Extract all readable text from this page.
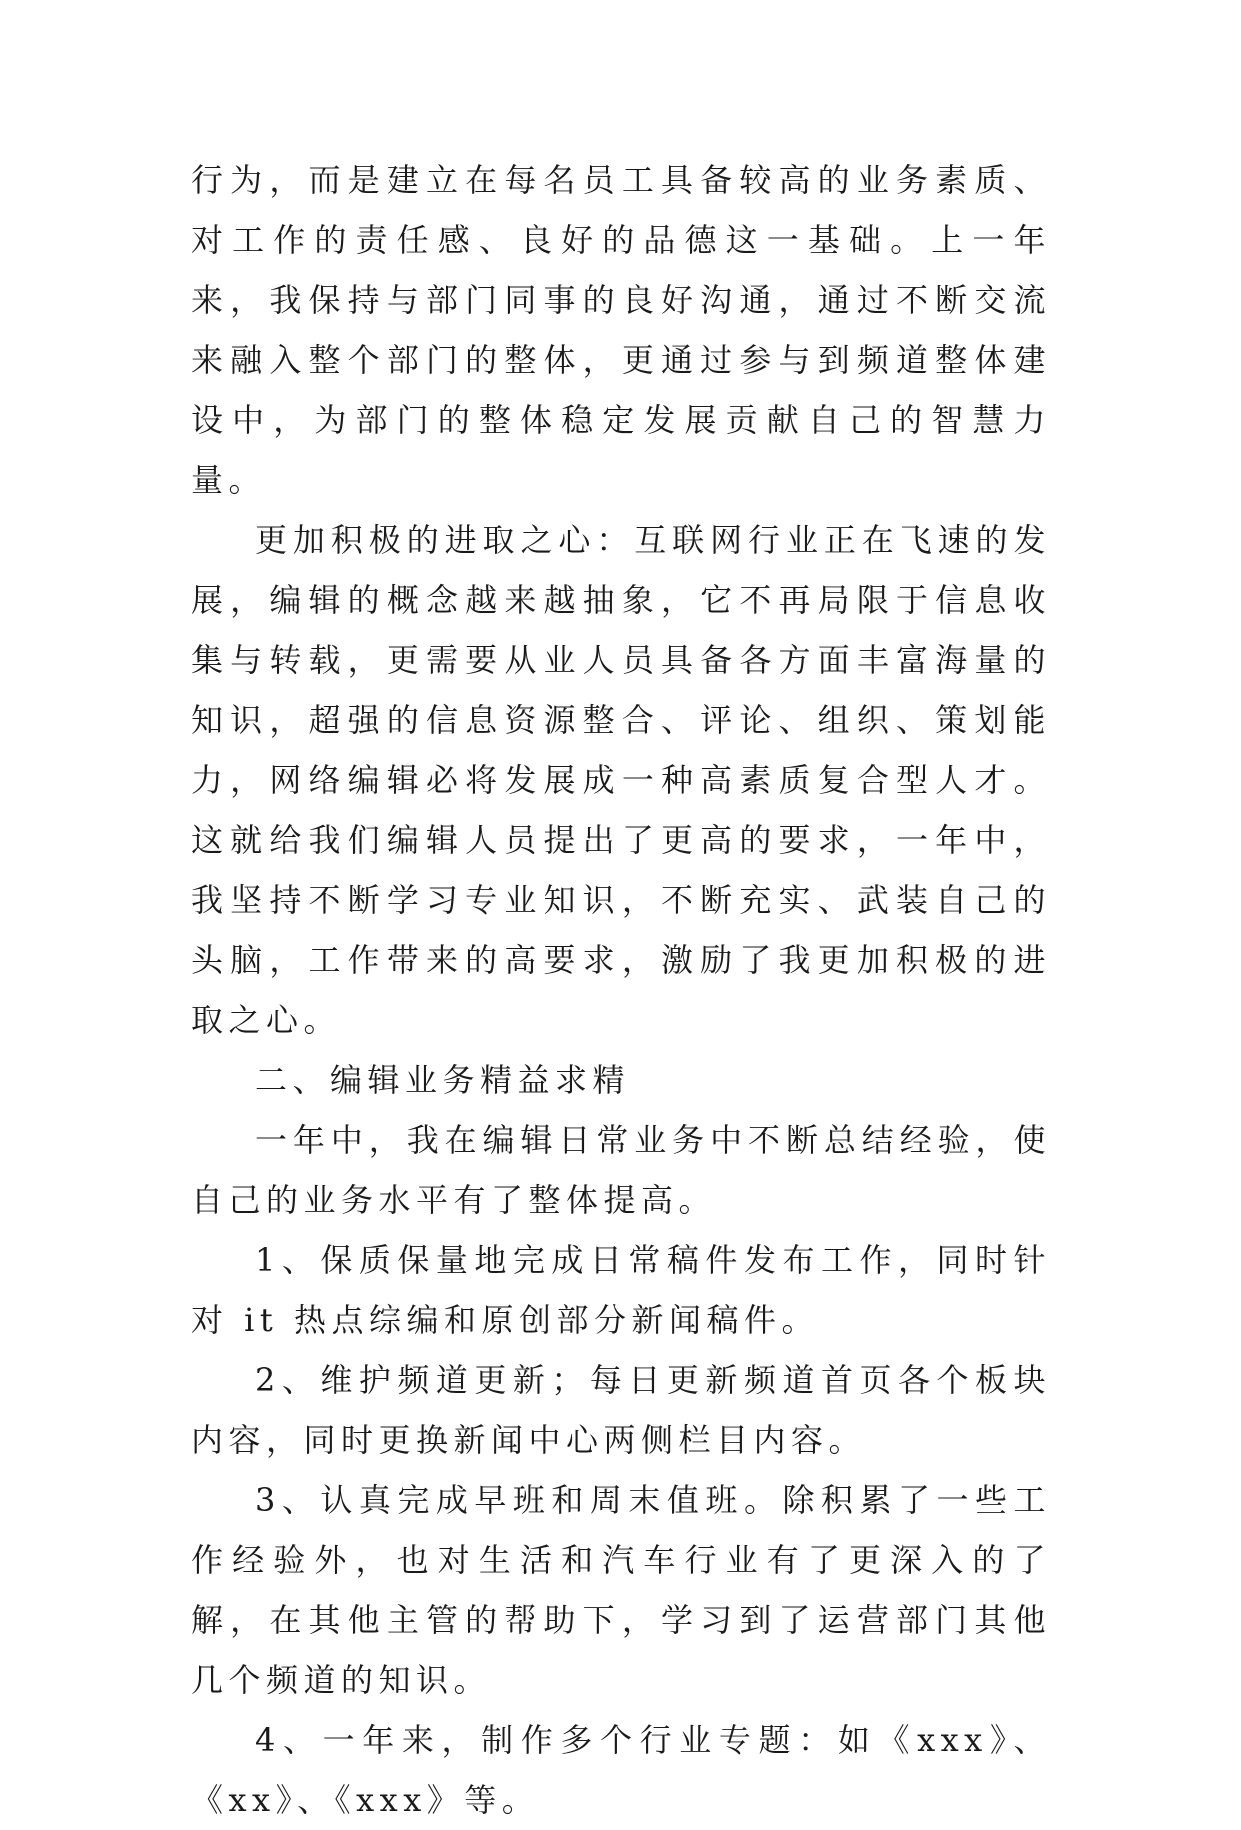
行为，而是建立在每名员工具备较高的业务素质、对工作的责任感、良好的品德这一基础。上一年来，我保持与部门同事的良好沟通，通过不断交流来融入整个部门的整体，更通过参与到频道整体建设中，为部门的整体稳定发展贡献自己的智慧力量。

更加积极的进取之心：互联网行业正在飞速的发展，编辑的概念越来越抽象，它不再局限于信息收集与转载，更需要从业人员具备各方面丰富海量的知识，超强的信息资源整合、评论、组织、策划能力，网络编辑必将发展成一种高素质复合型人才。这就给我们编辑人员提出了更高的要求，一年中，我坚持不断学习专业知识，不断充实、武装自己的头脑，工作带来的高要求，激励了我更加积极的进取之心。

二、编辑业务精益求精

一年中，我在编辑日常业务中不断总结经验，使自己的业务水平有了整体提高。

1、保质保量地完成日常稿件发布工作，同时针对 it 热点综编和原创部分新闻稿件。

2、维护频道更新；每日更新频道首页各个板块内容，同时更换新闻中心两侧栏目内容。

3、认真完成早班和周末值班。除积累了一些工作经验外，也对生活和汽车行业有了更深入的了解，在其他主管的帮助下，学习到了运营部门其他几个频道的知识。

4、一年来，制作多个行业专题：如《xxx》、《xx》、《xxx》等。
